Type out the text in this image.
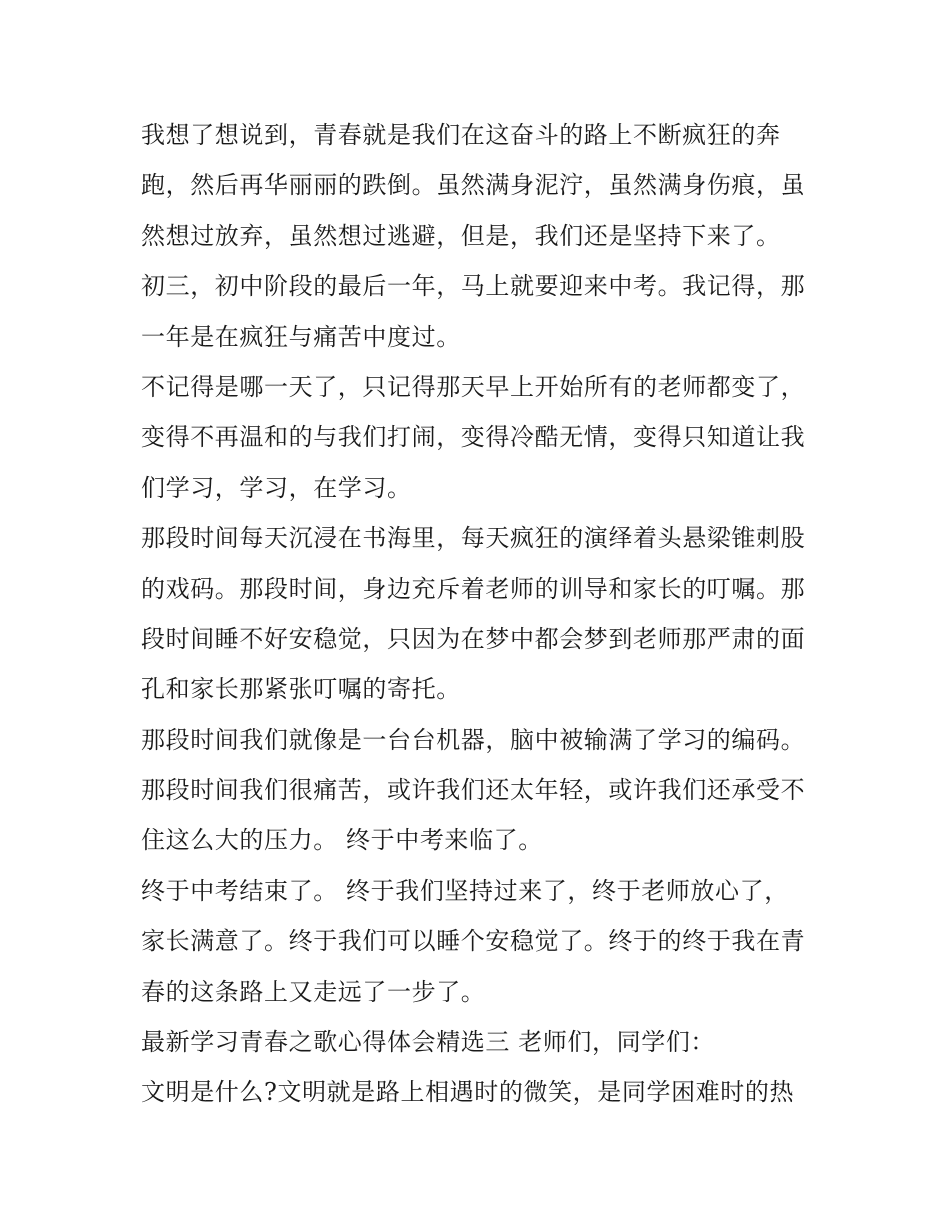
我想了想说到，青春就是我们在这奋斗的路上不断疯狂的奔
跑，然后再华丽丽的跌倒。虽然满身泥泞，虽然满身伤痕，虽
然想过放弃，虽然想过逃避，但是，我们还是坚持下来了。
初三，初中阶段的最后一年，马上就要迎来中考。我记得，那
一年是在疯狂与痛苦中度过。
不记得是哪一天了，只记得那天早上开始所有的老师都变了，
变得不再温和的与我们打闹，变得冷酷无情，变得只知道让我
们学习，学习，在学习。
那段时间每天沉浸在书海里，每天疯狂的演绎着头悬梁锥刺股
的戏码。那段时间，身边充斥着老师的训导和家长的叮嘱。那
段时间睡不好安稳觉，只因为在梦中都会梦到老师那严肃的面
孔和家长那紧张叮嘱的寄托。
那段时间我们就像是一台台机器，脑中被输满了学习的编码。
那段时间我们很痛苦，或许我们还太年轻，或许我们还承受不
住这么大的压力。 终于中考来临了。
终于中考结束了。 终于我们坚持过来了，终于老师放心了，
家长满意了。终于我们可以睡个安稳觉了。终于的终于我在青
春的这条路上又走远了一步了。
最新学习青春之歌心得体会精选三 老师们，同学们：
文明是什么?文明就是路上相遇时的微笑，是同学困难时的热
